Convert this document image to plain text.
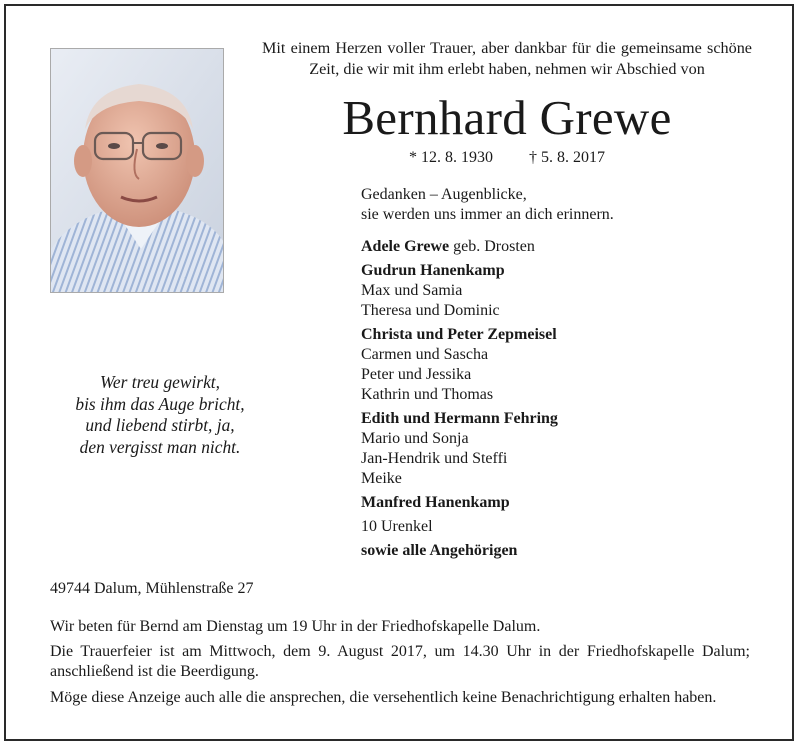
Mit einem Herzen voller Trauer, aber dankbar für die gemeinsame schöne Zeit, die wir mit ihm erlebt haben, nehmen wir Abschied von
Bernhard Grewe
* 12. 8. 1930 † 5. 8. 2017
Gedanken – Augenblicke,
sie werden uns immer an dich erinnern.
Adele Grewe geb. Drosten
Gudrun Hanenkamp
Max und Samia
Theresa und Dominic
Christa und Peter Zepmeisel
Carmen und Sascha
Peter und Jessika
Kathrin und Thomas
Edith und Hermann Fehring
Mario und Sonja
Jan-Hendrik und Steffi
Meike
Manfred Hanenkamp
10 Urenkel
sowie alle Angehörigen
Wer treu gewirkt,
bis ihm das Auge bricht,
und liebend stirbt, ja,
den vergisst man nicht.
49744 Dalum, Mühlenstraße 27
Wir beten für Bernd am Dienstag um 19 Uhr in der Friedhofskapelle Dalum.
Die Trauerfeier ist am Mittwoch, dem 9. August 2017, um 14.30 Uhr in der Friedhofskapelle Dalum; anschließend ist die Beerdigung.
Möge diese Anzeige auch alle die ansprechen, die versehentlich keine Benachrichtigung erhalten haben.
